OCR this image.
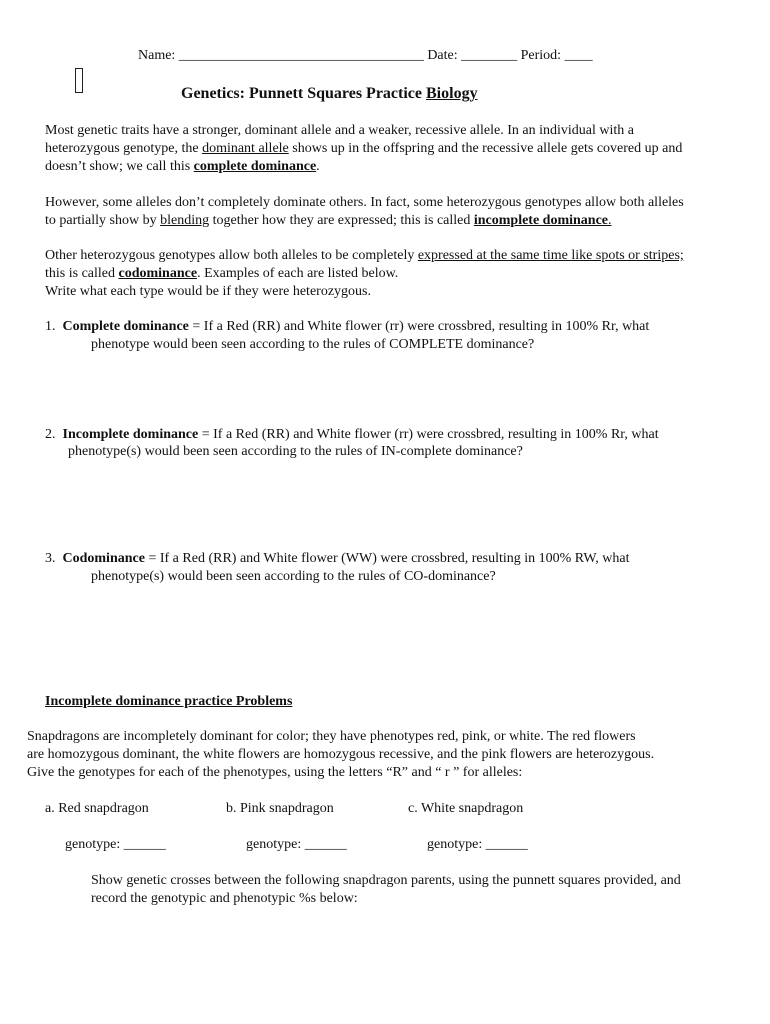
Name: ___________________________________ Date: ________ Period: ____
Genetics: Punnett Squares Practice Biology
Most genetic traits have a stronger, dominant allele and a weaker, recessive allele. In an individual with a
heterozygous genotype, the dominant allele shows up in the offspring and the recessive allele gets covered up and
doesn’t show; we call this complete dominance.
However, some alleles don’t completely dominate others. In fact, some heterozygous genotypes allow both alleles
to partially show by blending together how they are expressed; this is called incomplete dominance.
Other heterozygous genotypes allow both alleles to be completely expressed at the same time like spots or stripes;
this is called codominance. Examples of each are listed below.
Write what each type would be if they were heterozygous.
1. Complete dominance = If a Red (RR) and White flower (rr) were crossbred, resulting in 100% Rr, what
phenotype would been seen according to the rules of COMPLETE dominance?
2. Incomplete dominance = If a Red (RR) and White flower (rr) were crossbred, resulting in 100% Rr, what
phenotype(s) would been seen according to the rules of IN-complete dominance?
3. Codominance = If a Red (RR) and White flower (WW) were crossbred, resulting in 100% RW, what
phenotype(s) would been seen according to the rules of CO-dominance?
Incomplete dominance practice Problems
Snapdragons are incompletely dominant for color; they have phenotypes red, pink, or white. The red flowers
are homozygous dominant, the white flowers are homozygous recessive, and the pink flowers are heterozygous.
Give the genotypes for each of the phenotypes, using the letters “R” and “ r ” for alleles:
a. Red snapdragon	b. Pink snapdragon	c. White snapdragon
genotype: ______	genotype: ______	genotype: ______
Show genetic crosses between the following snapdragon parents, using the punnett squares provided, and
record the genotypic and phenotypic %s below:
